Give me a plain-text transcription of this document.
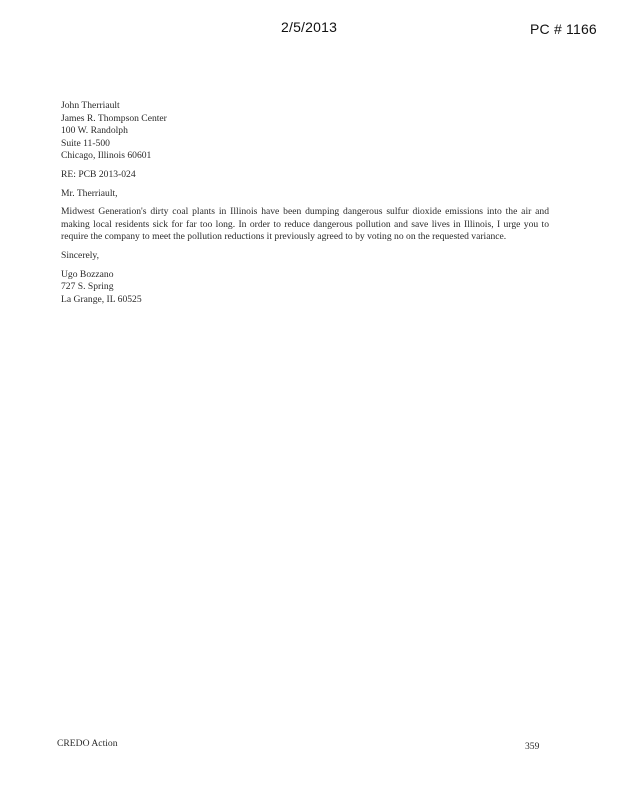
2/5/2013	PC # 1166
John Therriault
James R. Thompson Center
100 W. Randolph
Suite 11-500
Chicago, Illinois 60601
RE: PCB 2013-024
Mr. Therriault,

Midwest Generation's dirty coal plants in Illinois have been dumping dangerous sulfur dioxide emissions into the air and making local residents sick for far too long. In order to reduce dangerous pollution and save lives in Illinois, I urge you to require the company to meet the pollution reductions it previously agreed to by voting no on the requested variance.

Sincerely,
Ugo Bozzano
727 S. Spring
La Grange, IL 60525
CREDO Action	359
